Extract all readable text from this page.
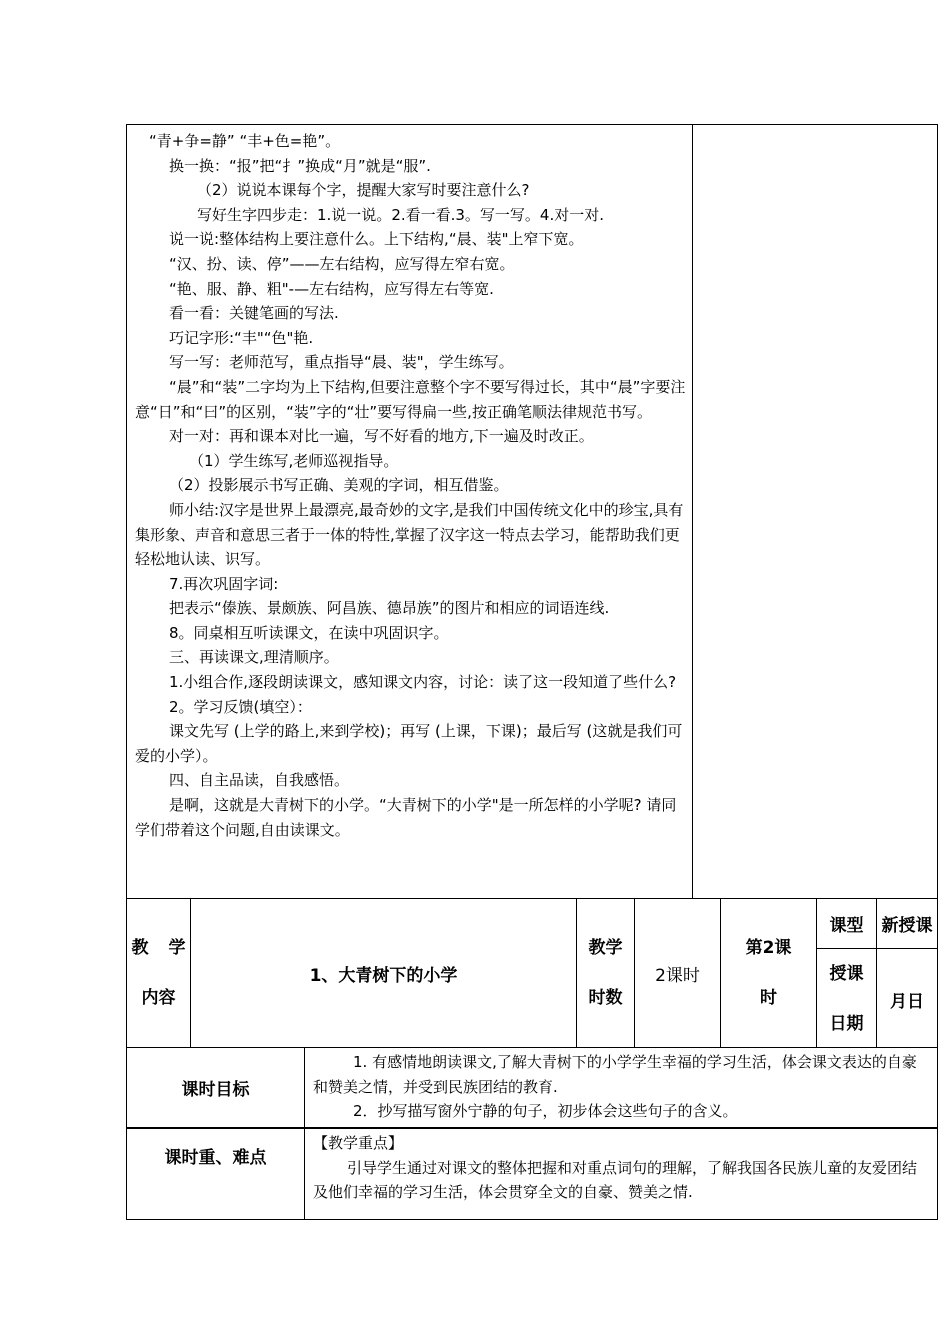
“青+争=静” “丰+色=艳”。
换一换：“报”把“扌”换成“月”就是“服”.
（2）说说本课每个字，提醒大家写时要注意什么?
写好生字四步走：1.说一说。2.看一看.3。写一写。4.对一对.
说一说:整体结构上要注意什么。上下结构,“晨、装"上窄下宽。
“汉、扮、读、停”——左右结构，应写得左窄右宽。
“艳、服、静、粗"-—左右结构，应写得左右等宽.
看一看：关键笔画的写法.
巧记字形:“丰"“色"艳.
写一写：老师范写，重点指导“晨、装"，学生练写。
“晨”和“装”二字均为上下结构,但要注意整个字不要写得过长，其中“晨”字要注意“日”和“曰”的区别，“装”字的“壮”要写得扁一些,按正确笔顺法律规范书写。
对一对：再和课本对比一遍，写不好看的地方,下一遍及时改正。
（1）学生练写,老师巡视指导。
（2）投影展示书写正确、美观的字词，相互借鉴。
师小结:汉字是世界上最漂亮,最奇妙的文字,是我们中国传统文化中的珍宝,具有集形象、声音和意思三者于一体的特性,掌握了汉字这一特点去学习，能帮助我们更轻松地认读、识写。
7.再次巩固字词:
把表示“傣族、景颇族、阿昌族、德昂族”的图片和相应的词语连线.
8。同桌相互听读课文，在读中巩固识字。
三、再读课文,理清顺序。
1.小组合作,逐段朗读课文，感知课文内容，讨论：读了这一段知道了些什么?
2。学习反馈(填空）：
课文先写 (上学的路上,来到学校)；再写 (上课，下课)；最后写 (这就是我们可爱的小学）。
四、自主品读，自我感悟。
是啊，这就是大青树下的小学。“大青树下的小学"是一所怎样的小学呢? 请同学们带着这个问题,自由读课文。
教学
内容
1、大青树下的小学
教学
时数
2课时
第2课
时
课型
授课
日期
新授课
月日
课时目标
1. 有感情地朗读课文,了解大青树下的小学学生幸福的学习生活，体会课文表达的自豪和赞美之情，并受到民族团结的教育.
2．抄写描写窗外宁静的句子，初步体会这些句子的含义。
课时重、难点
【教学重点】
引导学生通过对课文的整体把握和对重点词句的理解，了解我国各民族儿童的友爱团结及他们幸福的学习生活，体会贯穿全文的自豪、赞美之情.
